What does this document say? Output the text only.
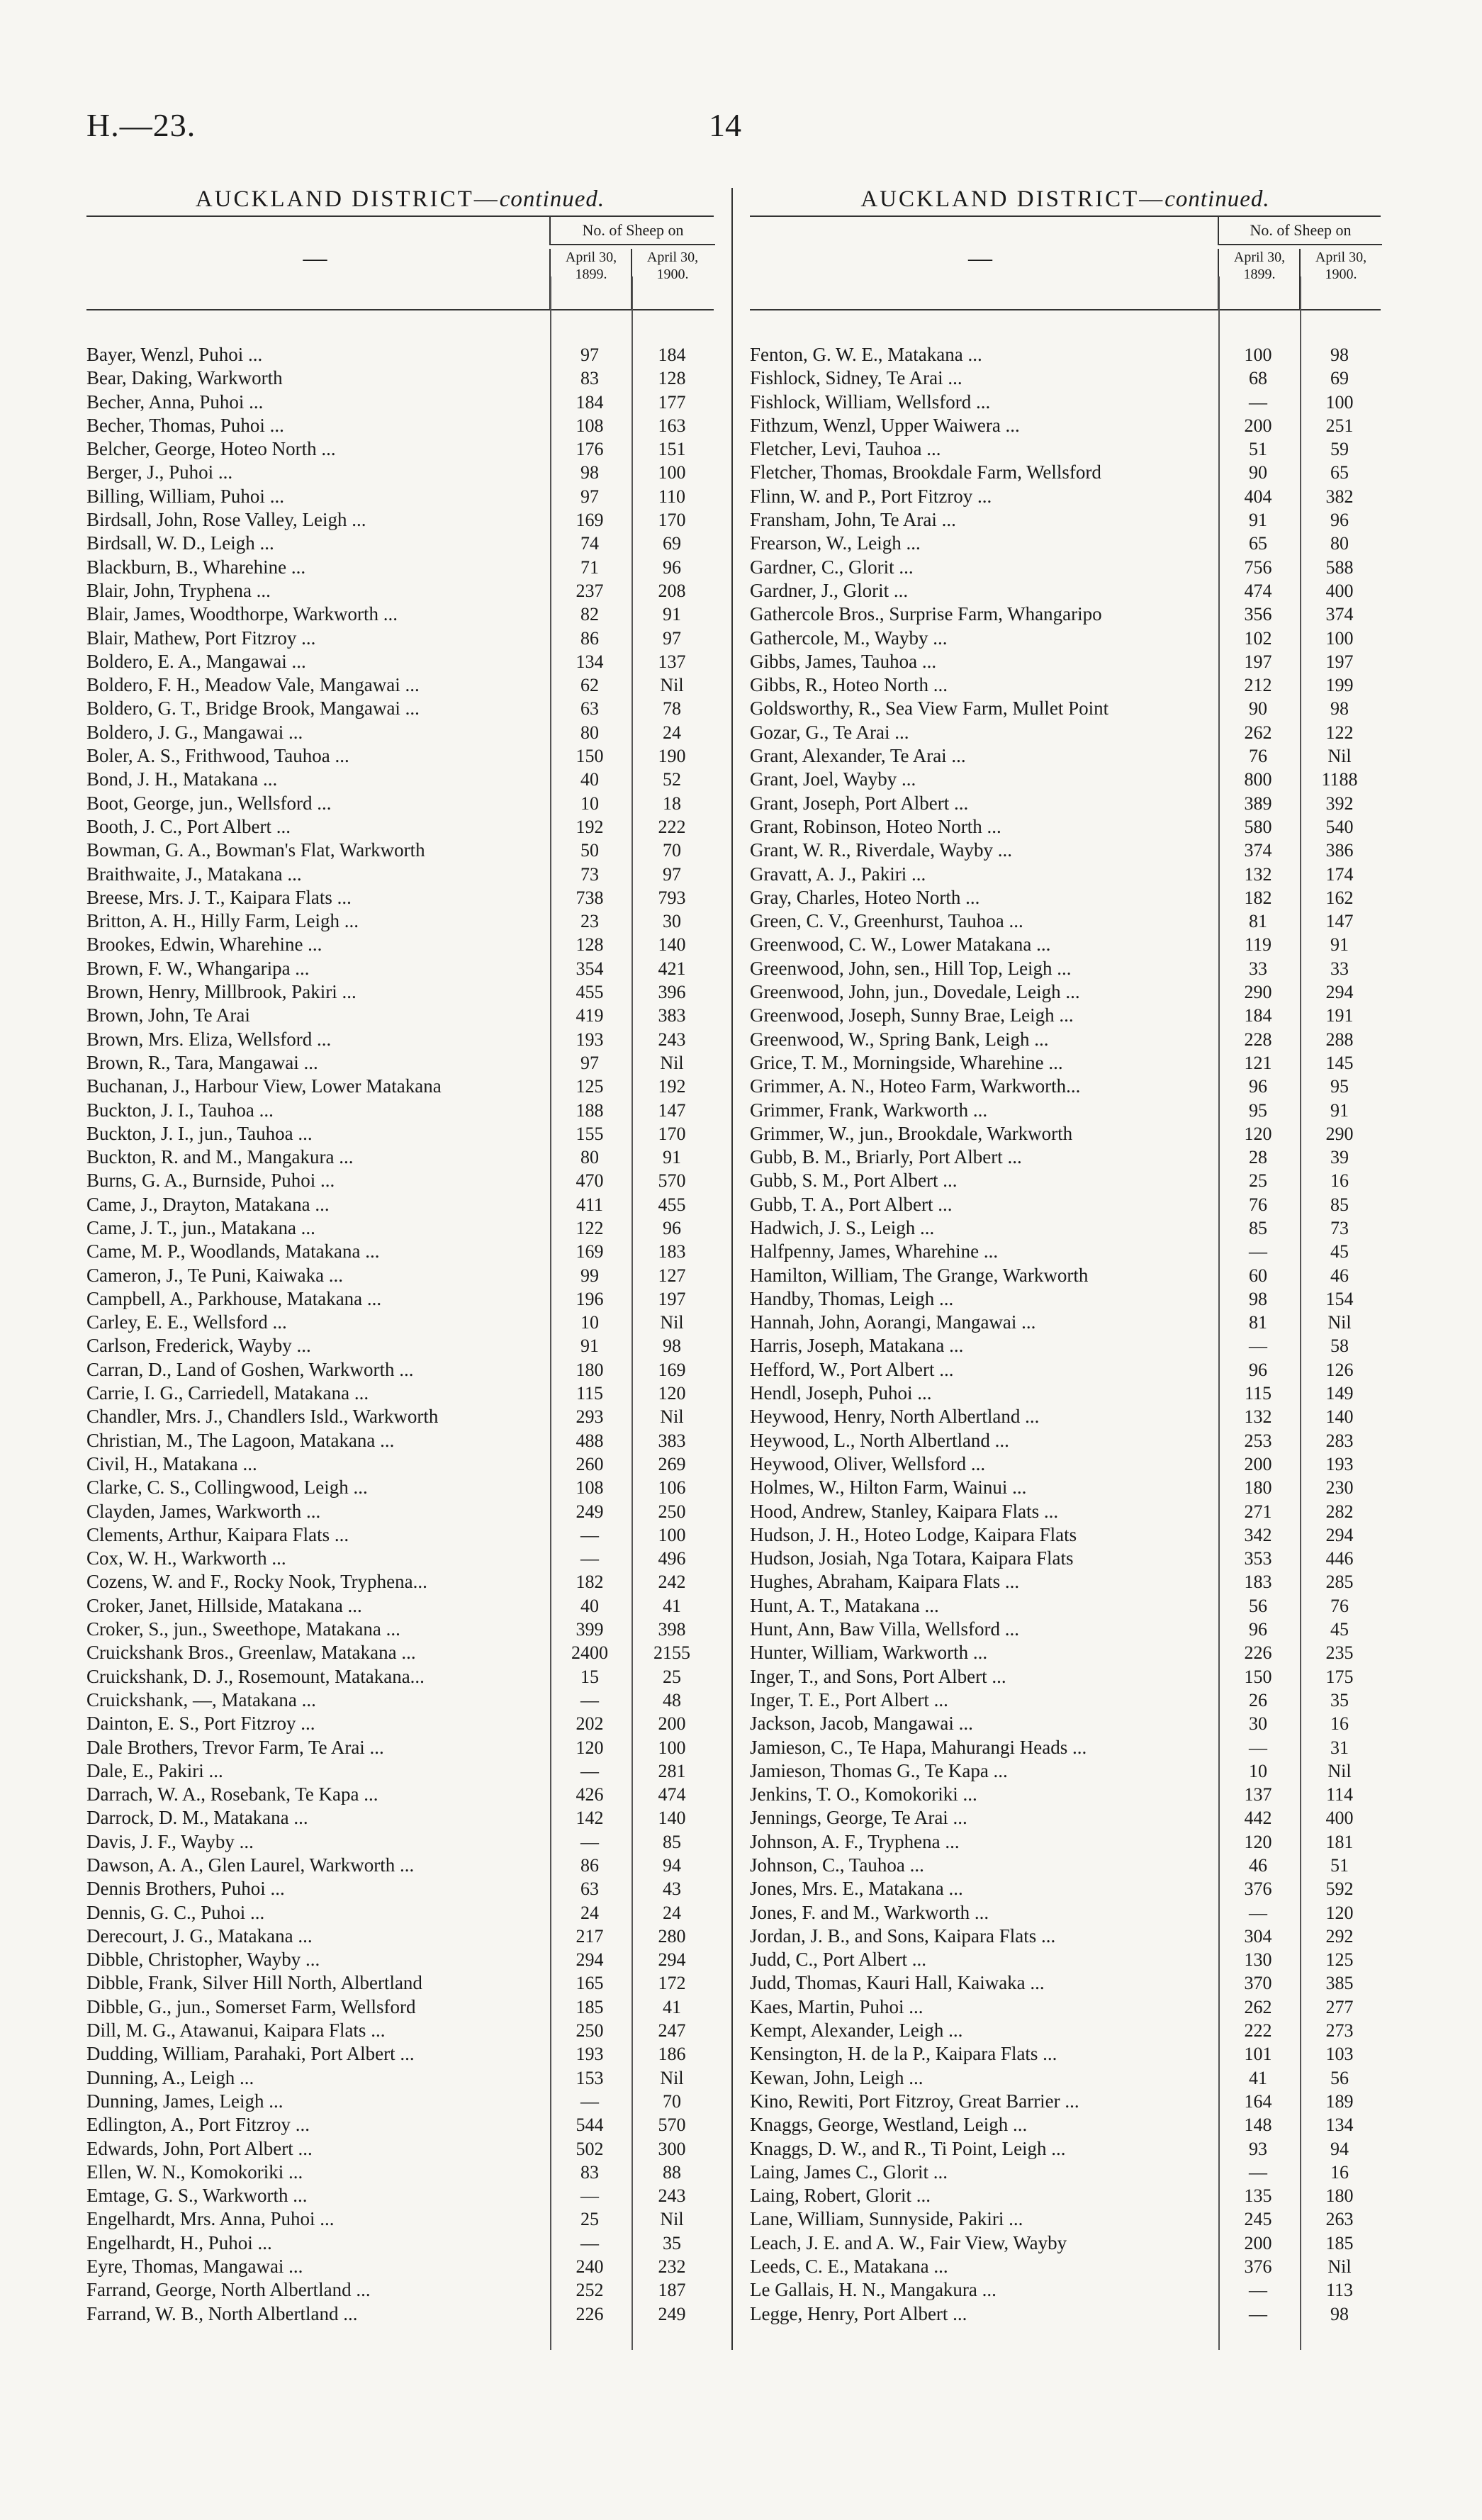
H.—23.	14
AUCKLAND DISTRICT—continued.
—
No. of Sheep on
April 30, 1899.
April 30, 1900.
Bayer, Wenzl, Puhoi ...	97	184
Bear, Daking, Warkworth	83	128
Becher, Anna, Puhoi ...	184	177
Becher, Thomas, Puhoi ...	108	163
Belcher, George, Hoteo North ...	176	151
Berger, J., Puhoi ...	98	100
Billing, William, Puhoi ...	97	110
Birdsall, John, Rose Valley, Leigh ...	169	170
Birdsall, W. D., Leigh ...	74	69
Blackburn, B., Wharehine ...	71	96
Blair, John, Tryphena ...	237	208
Blair, James, Woodthorpe, Warkworth ...	82	91
Blair, Mathew, Port Fitzroy ...	86	97
Boldero, E. A., Mangawai ...	134	137
Boldero, F. H., Meadow Vale, Mangawai ...	62	Nil
Boldero, G. T., Bridge Brook, Mangawai ...	63	78
Boldero, J. G., Mangawai ...	80	24
Boler, A. S., Frithwood, Tauhoa ...	150	190
Bond, J. H., Matakana ...	40	52
Boot, George, jun., Wellsford ...	10	18
Booth, J. C., Port Albert ...	192	222
Bowman, G. A., Bowman's Flat, Warkworth	50	70
Braithwaite, J., Matakana ...	73	97
Breese, Mrs. J. T., Kaipara Flats ...	738	793
Britton, A. H., Hilly Farm, Leigh ...	23	30
Brookes, Edwin, Wharehine ...	128	140
Brown, F. W., Whangaripa ...	354	421
Brown, Henry, Millbrook, Pakiri ...	455	396
Brown, John, Te Arai	419	383
Brown, Mrs. Eliza, Wellsford ...	193	243
Brown, R., Tara, Mangawai ...	97	Nil
Buchanan, J., Harbour View, Lower Matakana	125	192
Buckton, J. I., Tauhoa ...	188	147
Buckton, J. I., jun., Tauhoa ...	155	170
Buckton, R. and M., Mangakura ...	80	91
Burns, G. A., Burnside, Puhoi ...	470	570
Came, J., Drayton, Matakana ...	411	455
Came, J. T., jun., Matakana ...	122	96
Came, M. P., Woodlands, Matakana ...	169	183
Cameron, J., Te Puni, Kaiwaka ...	99	127
Campbell, A., Parkhouse, Matakana ...	196	197
Carley, E. E., Wellsford ...	10	Nil
Carlson, Frederick, Wayby ...	91	98
Carran, D., Land of Goshen, Warkworth ...	180	169
Carrie, I. G., Carriedell, Matakana ...	115	120
Chandler, Mrs. J., Chandlers Isld., Warkworth	293	Nil
Christian, M., The Lagoon, Matakana ...	488	383
Civil, H., Matakana ...	260	269
Clarke, C. S., Collingwood, Leigh ...	108	106
Clayden, James, Warkworth ...	249	250
Clements, Arthur, Kaipara Flats ...	—	100
Cox, W. H., Warkworth ...	—	496
Cozens, W. and F., Rocky Nook, Tryphena...	182	242
Croker, Janet, Hillside, Matakana ...	40	41
Croker, S., jun., Sweethope, Matakana ...	399	398
Cruickshank Bros., Greenlaw, Matakana ...	2400	2155
Cruickshank, D. J., Rosemount, Matakana...	15	25
Cruickshank, —, Matakana ...	—	48
Dainton, E. S., Port Fitzroy ...	202	200
Dale Brothers, Trevor Farm, Te Arai ...	120	100
Dale, E., Pakiri ...	—	281
Darrach, W. A., Rosebank, Te Kapa ...	426	474
Darrock, D. M., Matakana ...	142	140
Davis, J. F., Wayby ...	—	85
Dawson, A. A., Glen Laurel, Warkworth ...	86	94
Dennis Brothers, Puhoi ...	63	43
Dennis, G. C., Puhoi ...	24	24
Derecourt, J. G., Matakana ...	217	280
Dibble, Christopher, Wayby ...	294	294
Dibble, Frank, Silver Hill North, Albertland	165	172
Dibble, G., jun., Somerset Farm, Wellsford	185	41
Dill, M. G., Atawanui, Kaipara Flats ...	250	247
Dudding, William, Parahaki, Port Albert ...	193	186
Dunning, A., Leigh ...	153	Nil
Dunning, James, Leigh ...	—	70
Edlington, A., Port Fitzroy ...	544	570
Edwards, John, Port Albert ...	502	300
Ellen, W. N., Komokoriki ...	83	88
Emtage, G. S., Warkworth ...	—	243
Engelhardt, Mrs. Anna, Puhoi ...	25	Nil
Engelhardt, H., Puhoi ...	—	35
Eyre, Thomas, Mangawai ...	240	232
Farrand, George, North Albertland ...	252	187
Farrand, W. B., North Albertland ...	226	249
AUCKLAND DISTRICT—continued.
—
No. of Sheep on
April 30, 1899.
April 30, 1900.
Fenton, G. W. E., Matakana ...	100	98
Fishlock, Sidney, Te Arai ...	68	69
Fishlock, William, Wellsford ...	—	100
Fithzum, Wenzl, Upper Waiwera ...	200	251
Fletcher, Levi, Tauhoa ...	51	59
Fletcher, Thomas, Brookdale Farm, Wellsford	90	65
Flinn, W. and P., Port Fitzroy ...	404	382
Fransham, John, Te Arai ...	91	96
Frearson, W., Leigh ...	65	80
Gardner, C., Glorit ...	756	588
Gardner, J., Glorit ...	474	400
Gathercole Bros., Surprise Farm, Whangaripo	356	374
Gathercole, M., Wayby ...	102	100
Gibbs, James, Tauhoa ...	197	197
Gibbs, R., Hoteo North ...	212	199
Goldsworthy, R., Sea View Farm, Mullet Point	90	98
Gozar, G., Te Arai ...	262	122
Grant, Alexander, Te Arai ...	76	Nil
Grant, Joel, Wayby ...	800	1188
Grant, Joseph, Port Albert ...	389	392
Grant, Robinson, Hoteo North ...	580	540
Grant, W. R., Riverdale, Wayby ...	374	386
Gravatt, A. J., Pakiri ...	132	174
Gray, Charles, Hoteo North ...	182	162
Green, C. V., Greenhurst, Tauhoa ...	81	147
Greenwood, C. W., Lower Matakana ...	119	91
Greenwood, John, sen., Hill Top, Leigh ...	33	33
Greenwood, John, jun., Dovedale, Leigh ...	290	294
Greenwood, Joseph, Sunny Brae, Leigh ...	184	191
Greenwood, W., Spring Bank, Leigh ...	228	288
Grice, T. M., Morningside, Wharehine ...	121	145
Grimmer, A. N., Hoteo Farm, Warkworth...	96	95
Grimmer, Frank, Warkworth ...	95	91
Grimmer, W., jun., Brookdale, Warkworth	120	290
Gubb, B. M., Briarly, Port Albert ...	28	39
Gubb, S. M., Port Albert ...	25	16
Gubb, T. A., Port Albert ...	76	85
Hadwich, J. S., Leigh ...	85	73
Halfpenny, James, Wharehine ...	—	45
Hamilton, William, The Grange, Warkworth	60	46
Handby, Thomas, Leigh ...	98	154
Hannah, John, Aorangi, Mangawai ...	81	Nil
Harris, Joseph, Matakana ...	—	58
Hefford, W., Port Albert ...	96	126
Hendl, Joseph, Puhoi ...	115	149
Heywood, Henry, North Albertland ...	132	140
Heywood, L., North Albertland ...	253	283
Heywood, Oliver, Wellsford ...	200	193
Holmes, W., Hilton Farm, Wainui ...	180	230
Hood, Andrew, Stanley, Kaipara Flats ...	271	282
Hudson, J. H., Hoteo Lodge, Kaipara Flats	342	294
Hudson, Josiah, Nga Totara, Kaipara Flats	353	446
Hughes, Abraham, Kaipara Flats ...	183	285
Hunt, A. T., Matakana ...	56	76
Hunt, Ann, Baw Villa, Wellsford ...	96	45
Hunter, William, Warkworth ...	226	235
Inger, T., and Sons, Port Albert ...	150	175
Inger, T. E., Port Albert ...	26	35
Jackson, Jacob, Mangawai ...	30	16
Jamieson, C., Te Hapa, Mahurangi Heads ...	—	31
Jamieson, Thomas G., Te Kapa ...	10	Nil
Jenkins, T. O., Komokoriki ...	137	114
Jennings, George, Te Arai ...	442	400
Johnson, A. F., Tryphena ...	120	181
Johnson, C., Tauhoa ...	46	51
Jones, Mrs. E., Matakana ...	376	592
Jones, F. and M., Warkworth ...	—	120
Jordan, J. B., and Sons, Kaipara Flats ...	304	292
Judd, C., Port Albert ...	130	125
Judd, Thomas, Kauri Hall, Kaiwaka ...	370	385
Kaes, Martin, Puhoi ...	262	277
Kempt, Alexander, Leigh ...	222	273
Kensington, H. de la P., Kaipara Flats ...	101	103
Kewan, John, Leigh ...	41	56
Kino, Rewiti, Port Fitzroy, Great Barrier ...	164	189
Knaggs, George, Westland, Leigh ...	148	134
Knaggs, D. W., and R., Ti Point, Leigh ...	93	94
Laing, James C., Glorit ...	—	16
Laing, Robert, Glorit ...	135	180
Lane, William, Sunnyside, Pakiri ...	245	263
Leach, J. E. and A. W., Fair View, Wayby	200	185
Leeds, C. E., Matakana ...	376	Nil
Le Gallais, H. N., Mangakura ...	—	113
Legge, Henry, Port Albert ...	—	98
